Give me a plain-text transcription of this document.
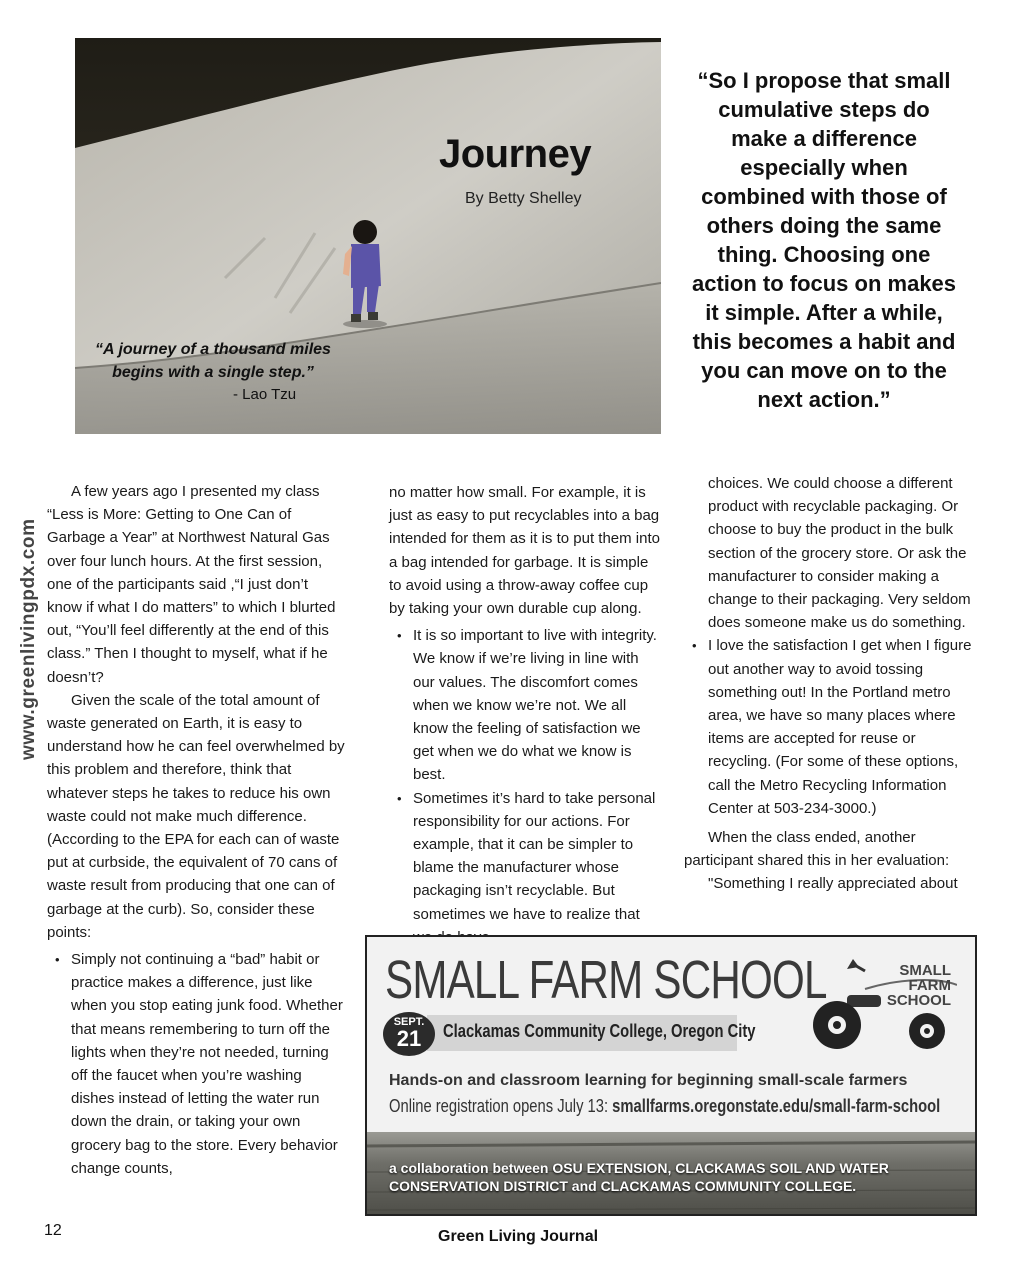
Journey
By Betty Shelley
“A journey of a thousand miles begins with a single step.”
- Lao Tzu
“So I propose that small cumulative steps do make a difference especially when combined with those of others doing the same thing. Choosing one action to focus on makes it simple. After a while, this becomes a habit and you can move on to the next action.”
www.greenlivingpdx.com

A few years ago I presented my class “Less is More: Getting to One Can of Garbage a Year” at Northwest Natural Gas over four lunch hours. At the first session, one of the participants said ,“I just don’t know if what I do matters” to which I blurted out, “You’ll feel differently at the end of this class.” Then I thought to myself, what if he doesn’t?

Given the scale of the total amount of waste generated on Earth, it is easy to understand how he can feel overwhelmed by this problem and therefore, think that whatever steps he takes to reduce his own waste could not make much difference. (According to the EPA for each can of waste put at curbside, the equivalent of 70 cans of waste result from producing that one can of garbage at the curb). So, consider these points:

• Simply not continuing a “bad” habit or practice makes a difference, just like when you stop eating junk food. Whether that means remembering to turn off the lights when they’re not needed, turning off the faucet when you’re washing dishes instead of letting the water run down the drain, or taking your own grocery bag to the store. Every behavior change counts,

no matter how small. For example, it is just as easy to put recyclables into a bag intended for them as it is to put them into a bag intended for garbage. It is simple to avoid using a throw-away coffee cup by taking your own durable cup along.

• It is so important to live with integrity. We know if we’re living in line with our values. The discomfort comes when we know we’re not. We all know the feeling of satisfaction we get when we do what we know is best.
• Sometimes it’s hard to take personal responsibility for our actions. For example, that it can be simpler to blame the manufacturer whose packaging isn’t recyclable. But sometimes we have to realize that

choices. We could choose a different product with recyclable packaging. Or choose to buy the product in the bulk section of the grocery store. Or ask the manufacturer to consider making a change to their packaging. Very seldom does someone make us do something.

• I love the satisfaction I get when I figure out another way to avoid tossing something out! In the Portland metro area, we have so many places where items are accepted for reuse or recycling. (For some of these options, call the Metro Recycling Information Center at 503-234-3000.)

When the class ended, another participant shared this in her evaluation:

"Something I really appreciated about

SMALL FARM SCHOOL
SEPT.
21	Clackamas Community College, Oregon City
SMALL FARM SCHOOL
Hands-on and classroom learning for beginning small-scale farmers
Online registration opens July 13: smallfarms.oregonstate.edu/small-farm-school
a collaboration between OSU EXTENSION, CLACKAMAS SOIL AND WATER CONSERVATION DISTRICT and CLACKAMAS COMMUNITY COLLEGE.
12	Green Living Journal
